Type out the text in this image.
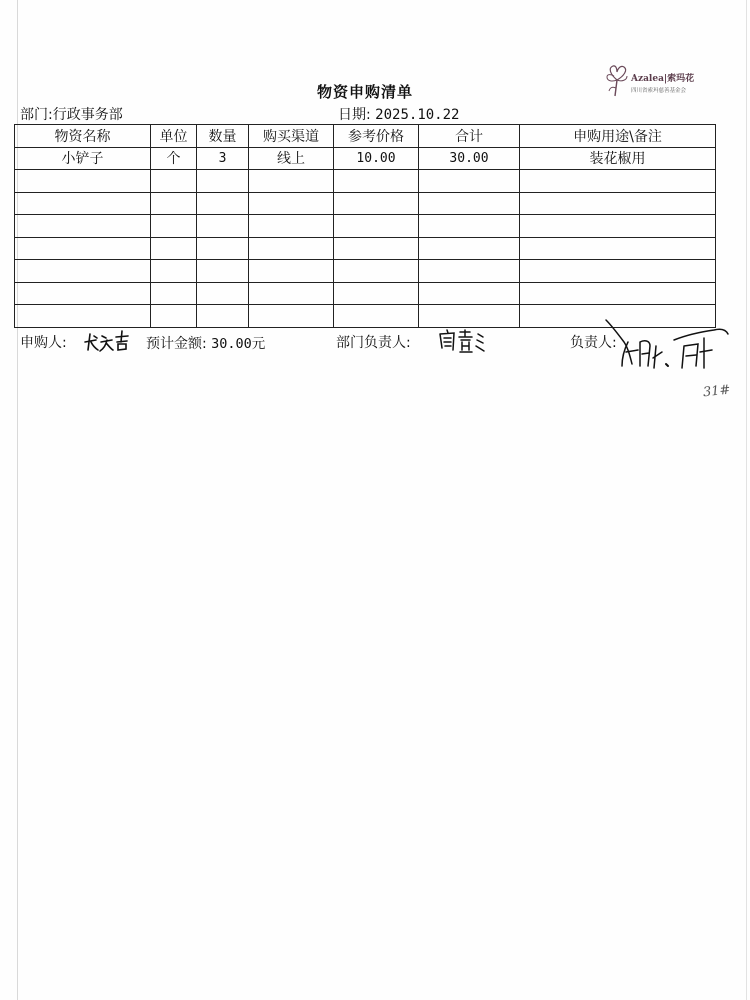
Azalea|索玛花
四川省索玛慈善基金会
物资申购清单
部门:行政事务部	日期: 2025.10.22
物资名称	单位	数量	购买渠道	参考价格	合计	申购用途\备注
小铲子	个	3	线上	10.00	30.00	装花椒用

申购人:	预计金额: 30.00元	部门负责人:	负责人:
31#
